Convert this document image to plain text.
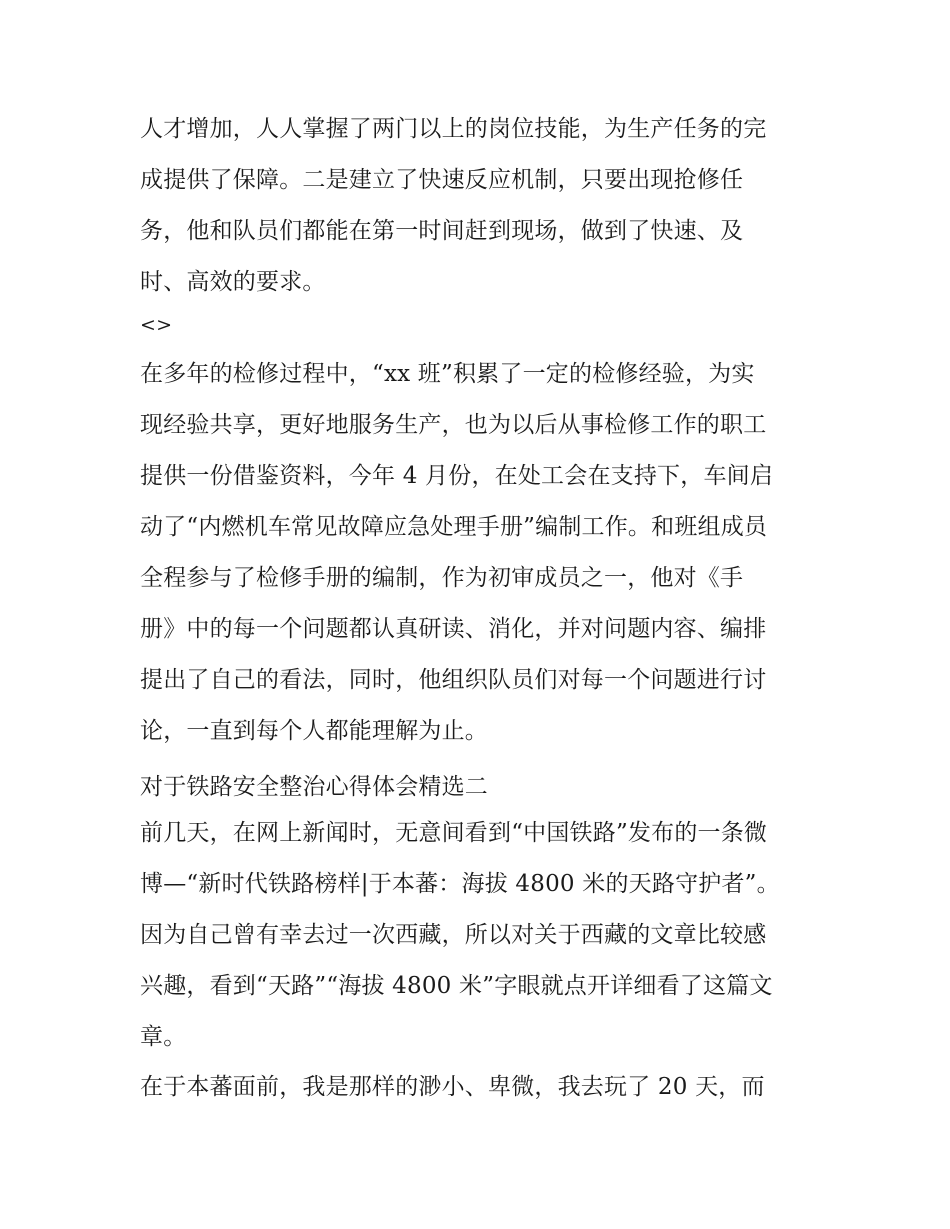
人才增加，人人掌握了两门以上的岗位技能，为生产任务的完
成提供了保障。二是建立了快速反应机制，只要出现抢修任
务，他和队员们都能在第一时间赶到现场，做到了快速、及
时、高效的要求。
<>
在多年的检修过程中，“xx 班”积累了一定的检修经验，为实
现经验共享，更好地服务生产，也为以后从事检修工作的职工
提供一份借鉴资料，今年 4 月份，在处工会在支持下，车间启
动了“内燃机车常见故障应急处理手册”编制工作。和班组成员
全程参与了检修手册的编制，作为初审成员之一，他对《手
册》中的每一个问题都认真研读、消化，并对问题内容、编排
提出了自己的看法，同时，他组织队员们对每一个问题进行讨
论，一直到每个人都能理解为止。
对于铁路安全整治心得体会精选二
前几天，在网上新闻时，无意间看到“中国铁路”发布的一条微
博—“新时代铁路榜样|于本蕃：海拔 4800 米的天路守护者”。
因为自己曾有幸去过一次西藏，所以对关于西藏的文章比较感
兴趣，看到“天路”“海拔 4800 米”字眼就点开详细看了这篇文
章。
在于本蕃面前，我是那样的渺小、卑微，我去玩了 20 天，而
